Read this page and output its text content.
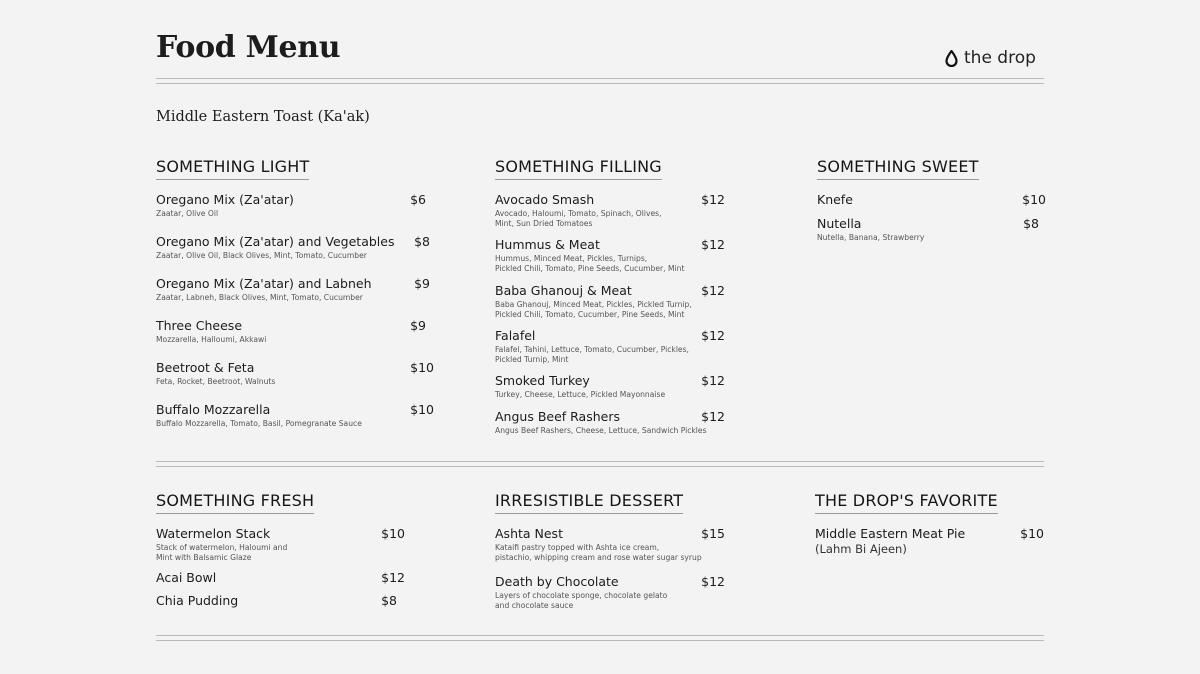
Food Menu	the drop
Middle Eastern Toast (Ka'ak)
SOMETHING LIGHT
Oregano Mix (Za'atar)	$6
Zaatar, Olive Oil
Oregano Mix (Za'atar) and Vegetables $8
Zaatar, Olive Oil, Black Olives, Mint, Tomato, Cucumber
Oregano Mix (Za'atar) and Labneh	$9
Zaatar, Labneh, Black Olives, Mint, Tomato, Cucumber
Three Cheese	$9
Mozzarella, Halloumi, Akkawi
Beetroot & Feta	$10
Feta, Rocket, Beetroot, Walnuts
Buffalo Mozzarella	$10
Buffalo Mozzarella, Tomato, Basil, Pomegranate Sauce
SOMETHING FILLING
Avocado Smash	$12
Avocado, Haloumi, Tomato, Spinach, Olives,
Mint, Sun Dried Tomatoes
Hummus & Meat	$12
Hummus, Minced Meat, Pickles, Turnips,
Pickled Chili, Tomato, Pine Seeds, Cucumber, Mint
Baba Ghanouj & Meat	$12
Baba Ghanouj, Minced Meat, Pickles, Pickled Turnip,
Pickled Chili, Tomato, Cucumber, Pine Seeds, Mint
Falafel	$12
Falafel, Tahini, Lettuce, Tomato, Cucumber, Pickles,
Pickled Turnip, Mint
Smoked Turkey	$12
Turkey, Cheese, Lettuce, Pickled Mayonnaise
Angus Beef Rashers	$12
Angus Beef Rashers, Cheese, Lettuce, Sandwich Pickles
SOMETHING SWEET
Knefe	$10
Nutella	$8
Nutella, Banana, Strawberry
SOMETHING FRESH
Watermelon Stack	$10
Stack of watermelon, Haloumi and
Mint with Balsamic Glaze
Acai Bowl	$12
Chia Pudding	$8
IRRESISTIBLE DESSERT
Ashta Nest	$15
Kataifi pastry topped with Ashta ice cream,
pistachio, whipping cream and rose water sugar syrup
Death by Chocolate	$12
Layers of chocolate sponge, chocolate gelato
and chocolate sauce
THE DROP'S FAVORITE
Middle Eastern Meat Pie	$10
(Lahm Bi Ajeen)
